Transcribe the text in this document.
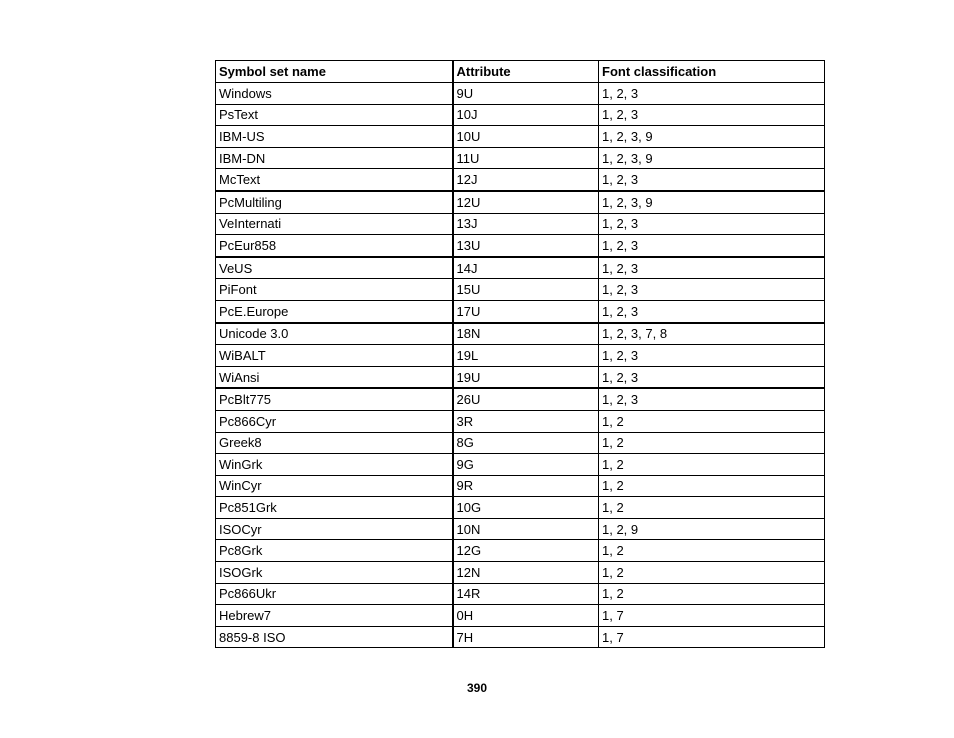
Symbol set name	Attribute	Font classification
Windows	9U	1, 2, 3
PsText	10J	1, 2, 3
IBM-US	10U	1, 2, 3, 9
IBM-DN	11U	1, 2, 3, 9
McText	12J	1, 2, 3
PcMultiling	12U	1, 2, 3, 9
VeInternati	13J	1, 2, 3
PcEur858	13U	1, 2, 3
VeUS	14J	1, 2, 3
PiFont	15U	1, 2, 3
PcE.Europe	17U	1, 2, 3
Unicode 3.0	18N	1, 2, 3, 7, 8
WiBALT	19L	1, 2, 3
WiAnsi	19U	1, 2, 3
PcBlt775	26U	1, 2, 3
Pc866Cyr	3R	1, 2
Greek8	8G	1, 2
WinGrk	9G	1, 2
WinCyr	9R	1, 2
Pc851Grk	10G	1, 2
ISOCyr	10N	1, 2, 9
Pc8Grk	12G	1, 2
ISOGrk	12N	1, 2
Pc866Ukr	14R	1, 2
Hebrew7	0H	1, 7
8859-8 ISO	7H	1, 7
390
